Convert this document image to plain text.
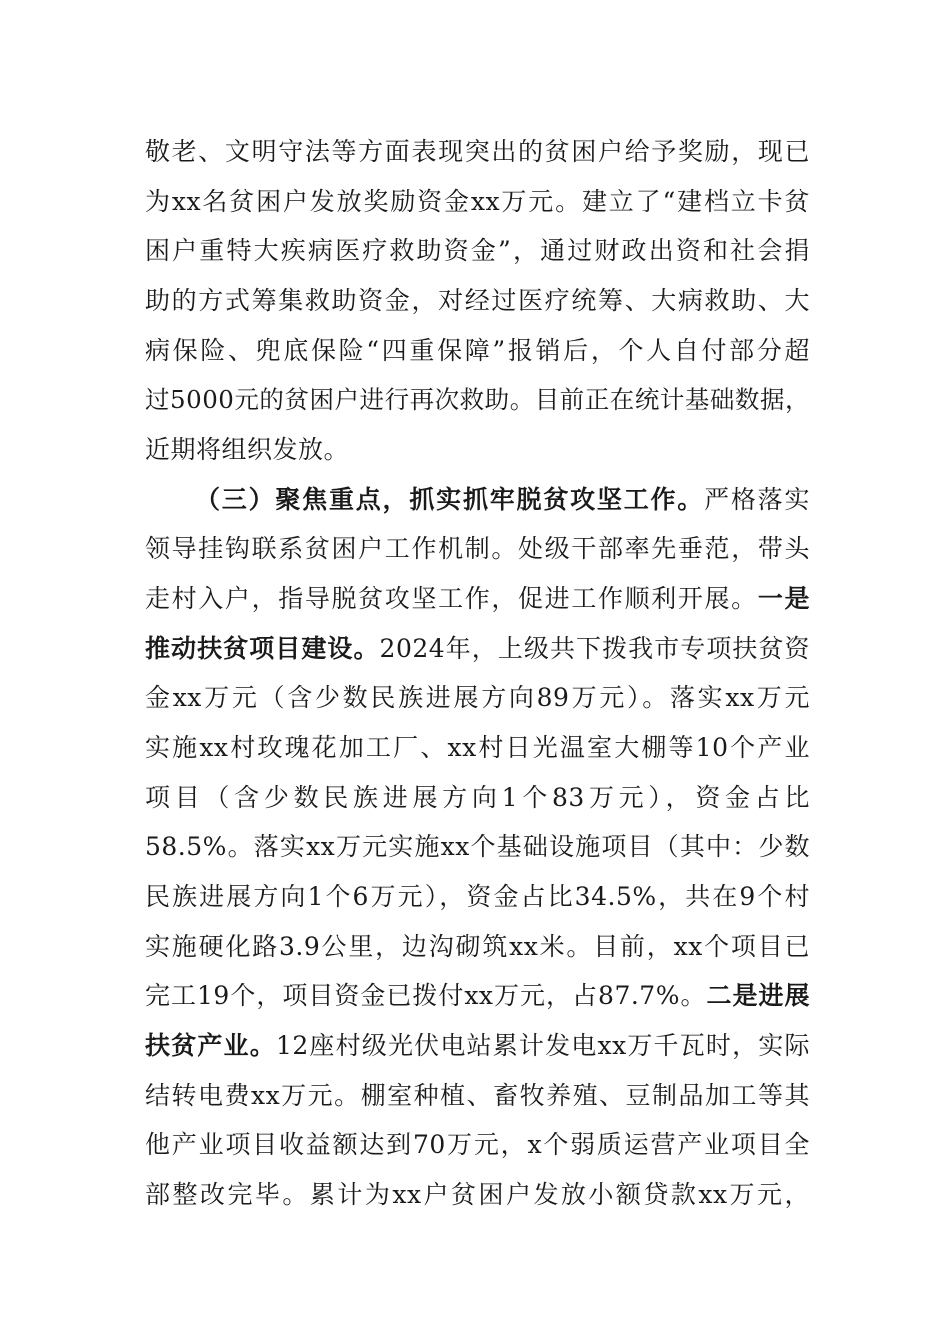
敬老、文明守法等方面表现突出的贫困户给予奖励，现已
为xx名贫困户发放奖励资金xx万元。建立了“建档立卡贫
困户重特大疾病医疗救助资金”，通过财政出资和社会捐
助的方式筹集救助资金，对经过医疗统筹、大病救助、大
病保险、兜底保险“四重保障”报销后，个人自付部分超
过5000元的贫困户进行再次救助。目前正在统计基础数据，
近期将组织发放。
（三）聚焦重点，抓实抓牢脱贫攻坚工作。严格落实
领导挂钩联系贫困户工作机制。处级干部率先垂范，带头
走村入户，指导脱贫攻坚工作，促进工作顺利开展。一是
推动扶贫项目建设。2024年，上级共下拨我市专项扶贫资
金xx万元（含少数民族进展方向89万元）。落实xx万元
实施xx村玫瑰花加工厂、xx村日光温室大棚等10个产业
项目（含少数民族进展方向1个83万元），资金占比
58.5%。落实xx万元实施xx个基础设施项目（其中：少数
民族进展方向1个6万元），资金占比34.5%，共在9个村
实施硬化路3.9公里，边沟砌筑xx米。目前，xx个项目已
完工19个，项目资金已拨付xx万元，占87.7%。二是进展
扶贫产业。12座村级光伏电站累计发电xx万千瓦时，实际
结转电费xx万元。棚室种植、畜牧养殖、豆制品加工等其
他产业项目收益额达到70万元，x个弱质运营产业项目全
部整改完毕。累计为xx户贫困户发放小额贷款xx万元，
